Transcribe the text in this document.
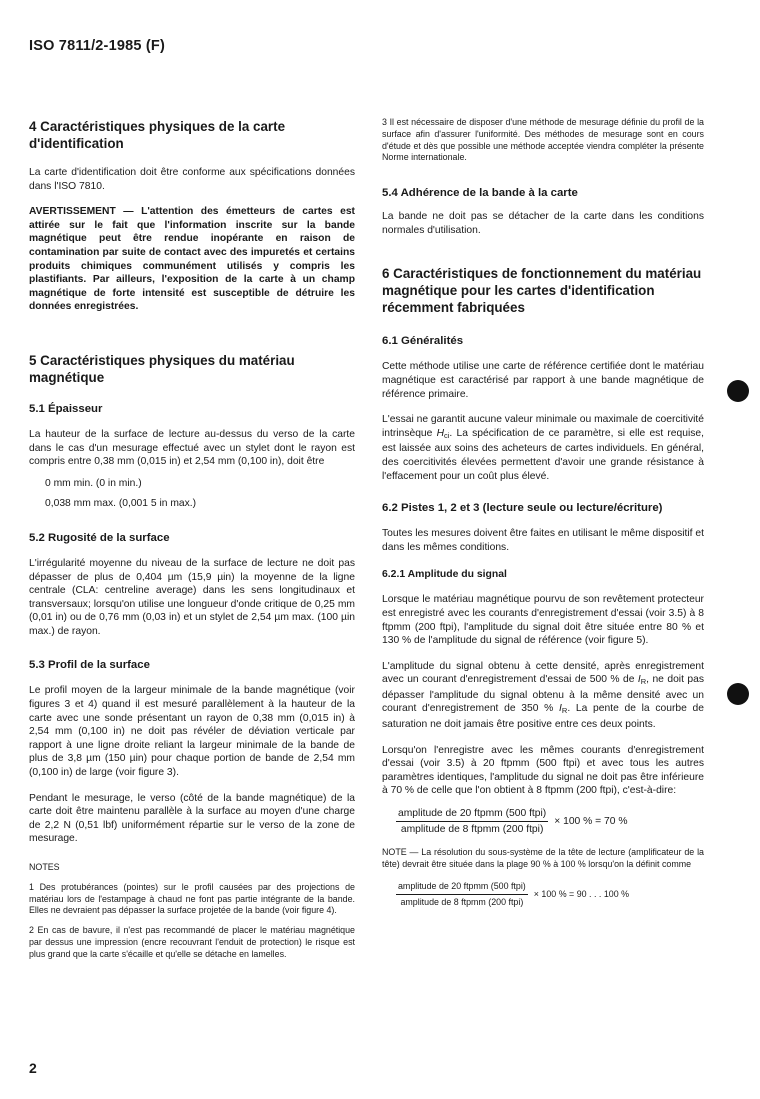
ISO 7811/2-1985 (F)
4 Caractéristiques physiques de la carte d'identification

La carte d'identification doit être conforme aux spécifications données dans l'ISO 7810.

AVERTISSEMENT — L'attention des émetteurs de cartes est attirée sur le fait que l'information inscrite sur la bande magnétique peut être rendue inopérante en raison de contamination par suite de contact avec des impuretés et certains produits chimiques communément utilisés y compris les plastifiants. Par ailleurs, l'exposition de la carte à un champ magnétique de forte intensité est susceptible de détruire les données enregistrées.

5 Caractéristiques physiques du matériau magnétique
5.1 Épaisseur

La hauteur de la surface de lecture au-dessus du verso de la carte dans le cas d'un mesurage effectué avec un stylet dont le rayon est compris entre 0,38 mm (0,015 in) et 2,54 mm (0,100 in), doit être

0 mm min. (0 in min.)

0,038 mm max. (0,001 5 in max.)

5.2 Rugosité de la surface

L'irrégularité moyenne du niveau de la surface de lecture ne doit pas dépasser de plus de 0,404 µm (15,9 µin) la moyenne de la ligne centrale (CLA: centreline average) dans les sens longitudinaux et transversaux; lorsqu'on utilise une longueur d'onde critique de 0,25 mm (0,01 in) ou de 0,76 mm (0,03 in) et un stylet de 2,54 µm max. (100 µin max.) de rayon.

5.3 Profil de la surface

Le profil moyen de la largeur minimale de la bande magnétique (voir figures 3 et 4) quand il est mesuré parallèlement à la hauteur de la carte avec une sonde présentant un rayon de 0,38 mm (0,015 in) à 2,54 mm (0,100 in) ne doit pas révéler de déviation verticale par rapport à une ligne droite reliant la largeur minimale de la bande de plus de 3,8 µm (150 µin) pour chaque portion de bande de 2,54 mm (0,100 in) de large (voir figure 3).

Pendant le mesurage, le verso (côté de la bande magnétique) de la carte doit être maintenu parallèle à la surface au moyen d'une charge de 2,2 N (0,51 lbf) uniformément répartie sur le verso de la zone de mesurage.

NOTES

1 Des protubérances (pointes) sur le profil causées par des projections de matériau lors de l'estampage à chaud ne font pas partie intégrante de la bande. Elles ne devraient pas dépasser la surface projetée de la bande (voir figure 4).

2 En cas de bavure, il n'est pas recommandé de placer le matériau magnétique par dessus une impression (encre recouvrant l'enduit de protection) le risque est plus grand que la carte s'écaille et qu'elle se détache en lamelles.

3 Il est nécessaire de disposer d'une méthode de mesurage définie du profil de la surface afin d'assurer l'uniformité. Des méthodes de mesurage sont en cours d'étude et dès que possible une méthode acceptée viendra compléter la présente Norme internationale.

5.4 Adhérence de la bande à la carte

La bande ne doit pas se détacher de la carte dans les conditions normales d'utilisation.

6 Caractéristiques de fonctionnement du matériau magnétique pour les cartes d'identification récemment fabriquées
6.1 Généralités

Cette méthode utilise une carte de référence certifiée dont le matériau magnétique est caractérisé par rapport à une bande magnétique de référence primaire.

L'essai ne garantit aucune valeur minimale ou maximale de coercitivité intrinsèque $H_{ci}$. La spécification de ce paramètre, si elle est requise, est laissée aux soins des acheteurs de cartes individuels. En général, des coercitivités élevées permettent d'avoir une grande résistance à l'effacement pour un coût plus élevé.

6.2 Pistes 1, 2 et 3 (lecture seule ou lecture/écriture)

Toutes les mesures doivent être faites en utilisant le même dispositif et dans les mêmes conditions.

6.2.1 Amplitude du signal

Lorsque le matériau magnétique pourvu de son revêtement protecteur est enregistré avec les courants d'enregistrement d'essai (voir 3.5) à 8 ftpmm (200 ftpi), l'amplitude du signal doit être située entre 80 % et 130 % de l'amplitude du signal de référence (voir figure 5).

L'amplitude du signal obtenu à cette densité, après enregistrement avec un courant d'enregistrement d'essai de 500 % de $I_R$, ne doit pas dépasser l'amplitude du signal obtenu à la même densité avec un courant d'enregistrement de 350 % $I_R$. La pente de la courbe de saturation ne doit jamais être positive entre ces deux points.

Lorsqu'on l'enregistre avec les mêmes courants d'enregistrement d'essai (voir 3.5) à 20 ftpmm (500 ftpi) et avec tous les autres paramètres identiques, l'amplitude du signal ne doit pas être inférieure à 70 % de celle que l'on obtient à 8 ftpmm (200 ftpi), c'est-à-dire:

$\frac{\text{amplitude de 20 ftpmm (500 ftpi)}}{\text{amplitude de 8 ftpmm (200 ftpi)}} \times 100$ % = 70 %

NOTE — La résolution du sous-système de la tête de lecture (amplificateur de la tête) devrait être située dans la plage 90 % à 100 % lorsqu'on la définit comme

$\frac{\text{amplitude de 20 ftpmm (500 ftpi)}}{\text{amplitude de 8 ftpmm (200 ftpi)}} \times 100$ % = 90 . . . 100 %
2
